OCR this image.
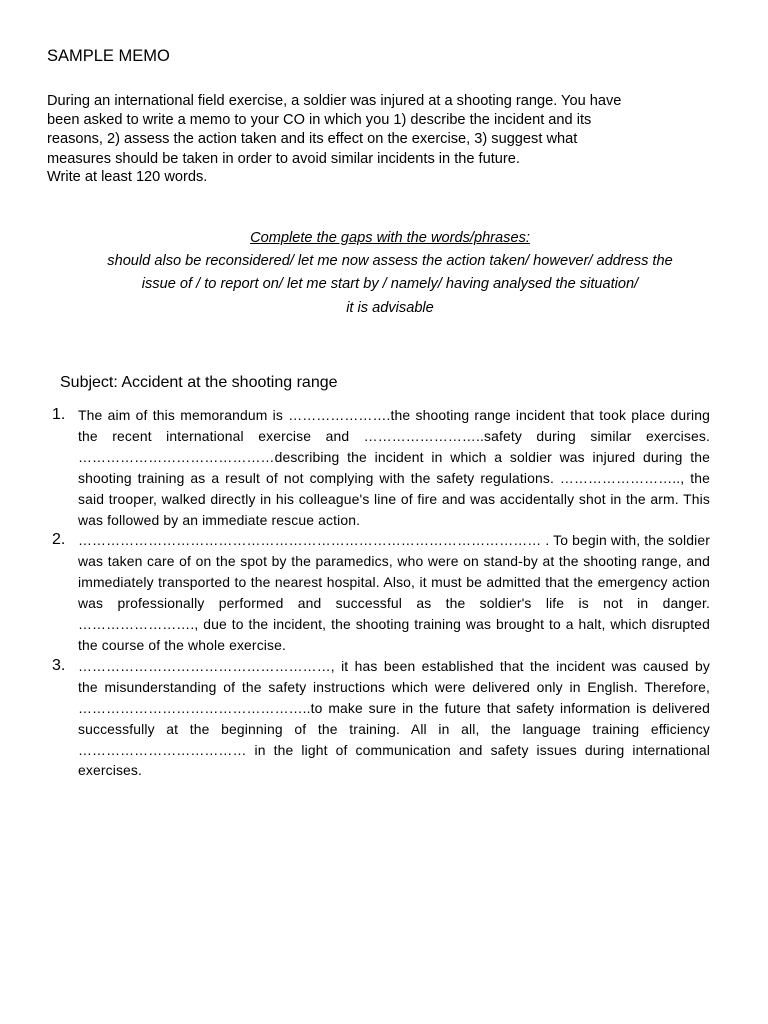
SAMPLE MEMO
During an international field exercise, a soldier was injured at a shooting range. You have
been asked to write a memo to your CO in which you 1) describe the incident and its
reasons, 2) assess the action taken and its effect on the exercise, 3) suggest what
measures should be taken in order to avoid similar incidents in the future.
Write at least 120 words.
Complete the gaps with the words/phrases:
should also be reconsidered/ let me now assess the action taken/ however/ address the
issue of / to report on/ let me start by / namely/ having analysed the situation/
it is advisable
Subject: Accident at the shooting range
1. The aim of this memorandum is ………………….the shooting range incident that took place during the recent international exercise and ……………………..safety during similar exercises. ……………………………………describing the incident in which a soldier was injured during the shooting training as a result of not complying with the safety regulations. …………………….., the said trooper, walked directly in his colleague's line of fire and was accidentally shot in the arm. This was followed by an immediate rescue action.
2. ……………………………………………………………………………………… . To begin with, the soldier was taken care of on the spot by the paramedics, who were on stand-by at the shooting range, and immediately transported to the nearest hospital. Also, it must be admitted that the emergency action was professionally performed and successful as the soldier's life is not in danger. ……………………., due to the incident, the shooting training was brought to a halt, which disrupted the course of the whole exercise.
3. ………………………………………………, it has been established that the incident was caused by the misunderstanding of the safety instructions which were delivered only in English. Therefore, …………………………………………..to make sure in the future that safety information is delivered successfully at the beginning of the training. All in all, the language training efficiency ……………………………… in the light of communication and safety issues during international exercises.
